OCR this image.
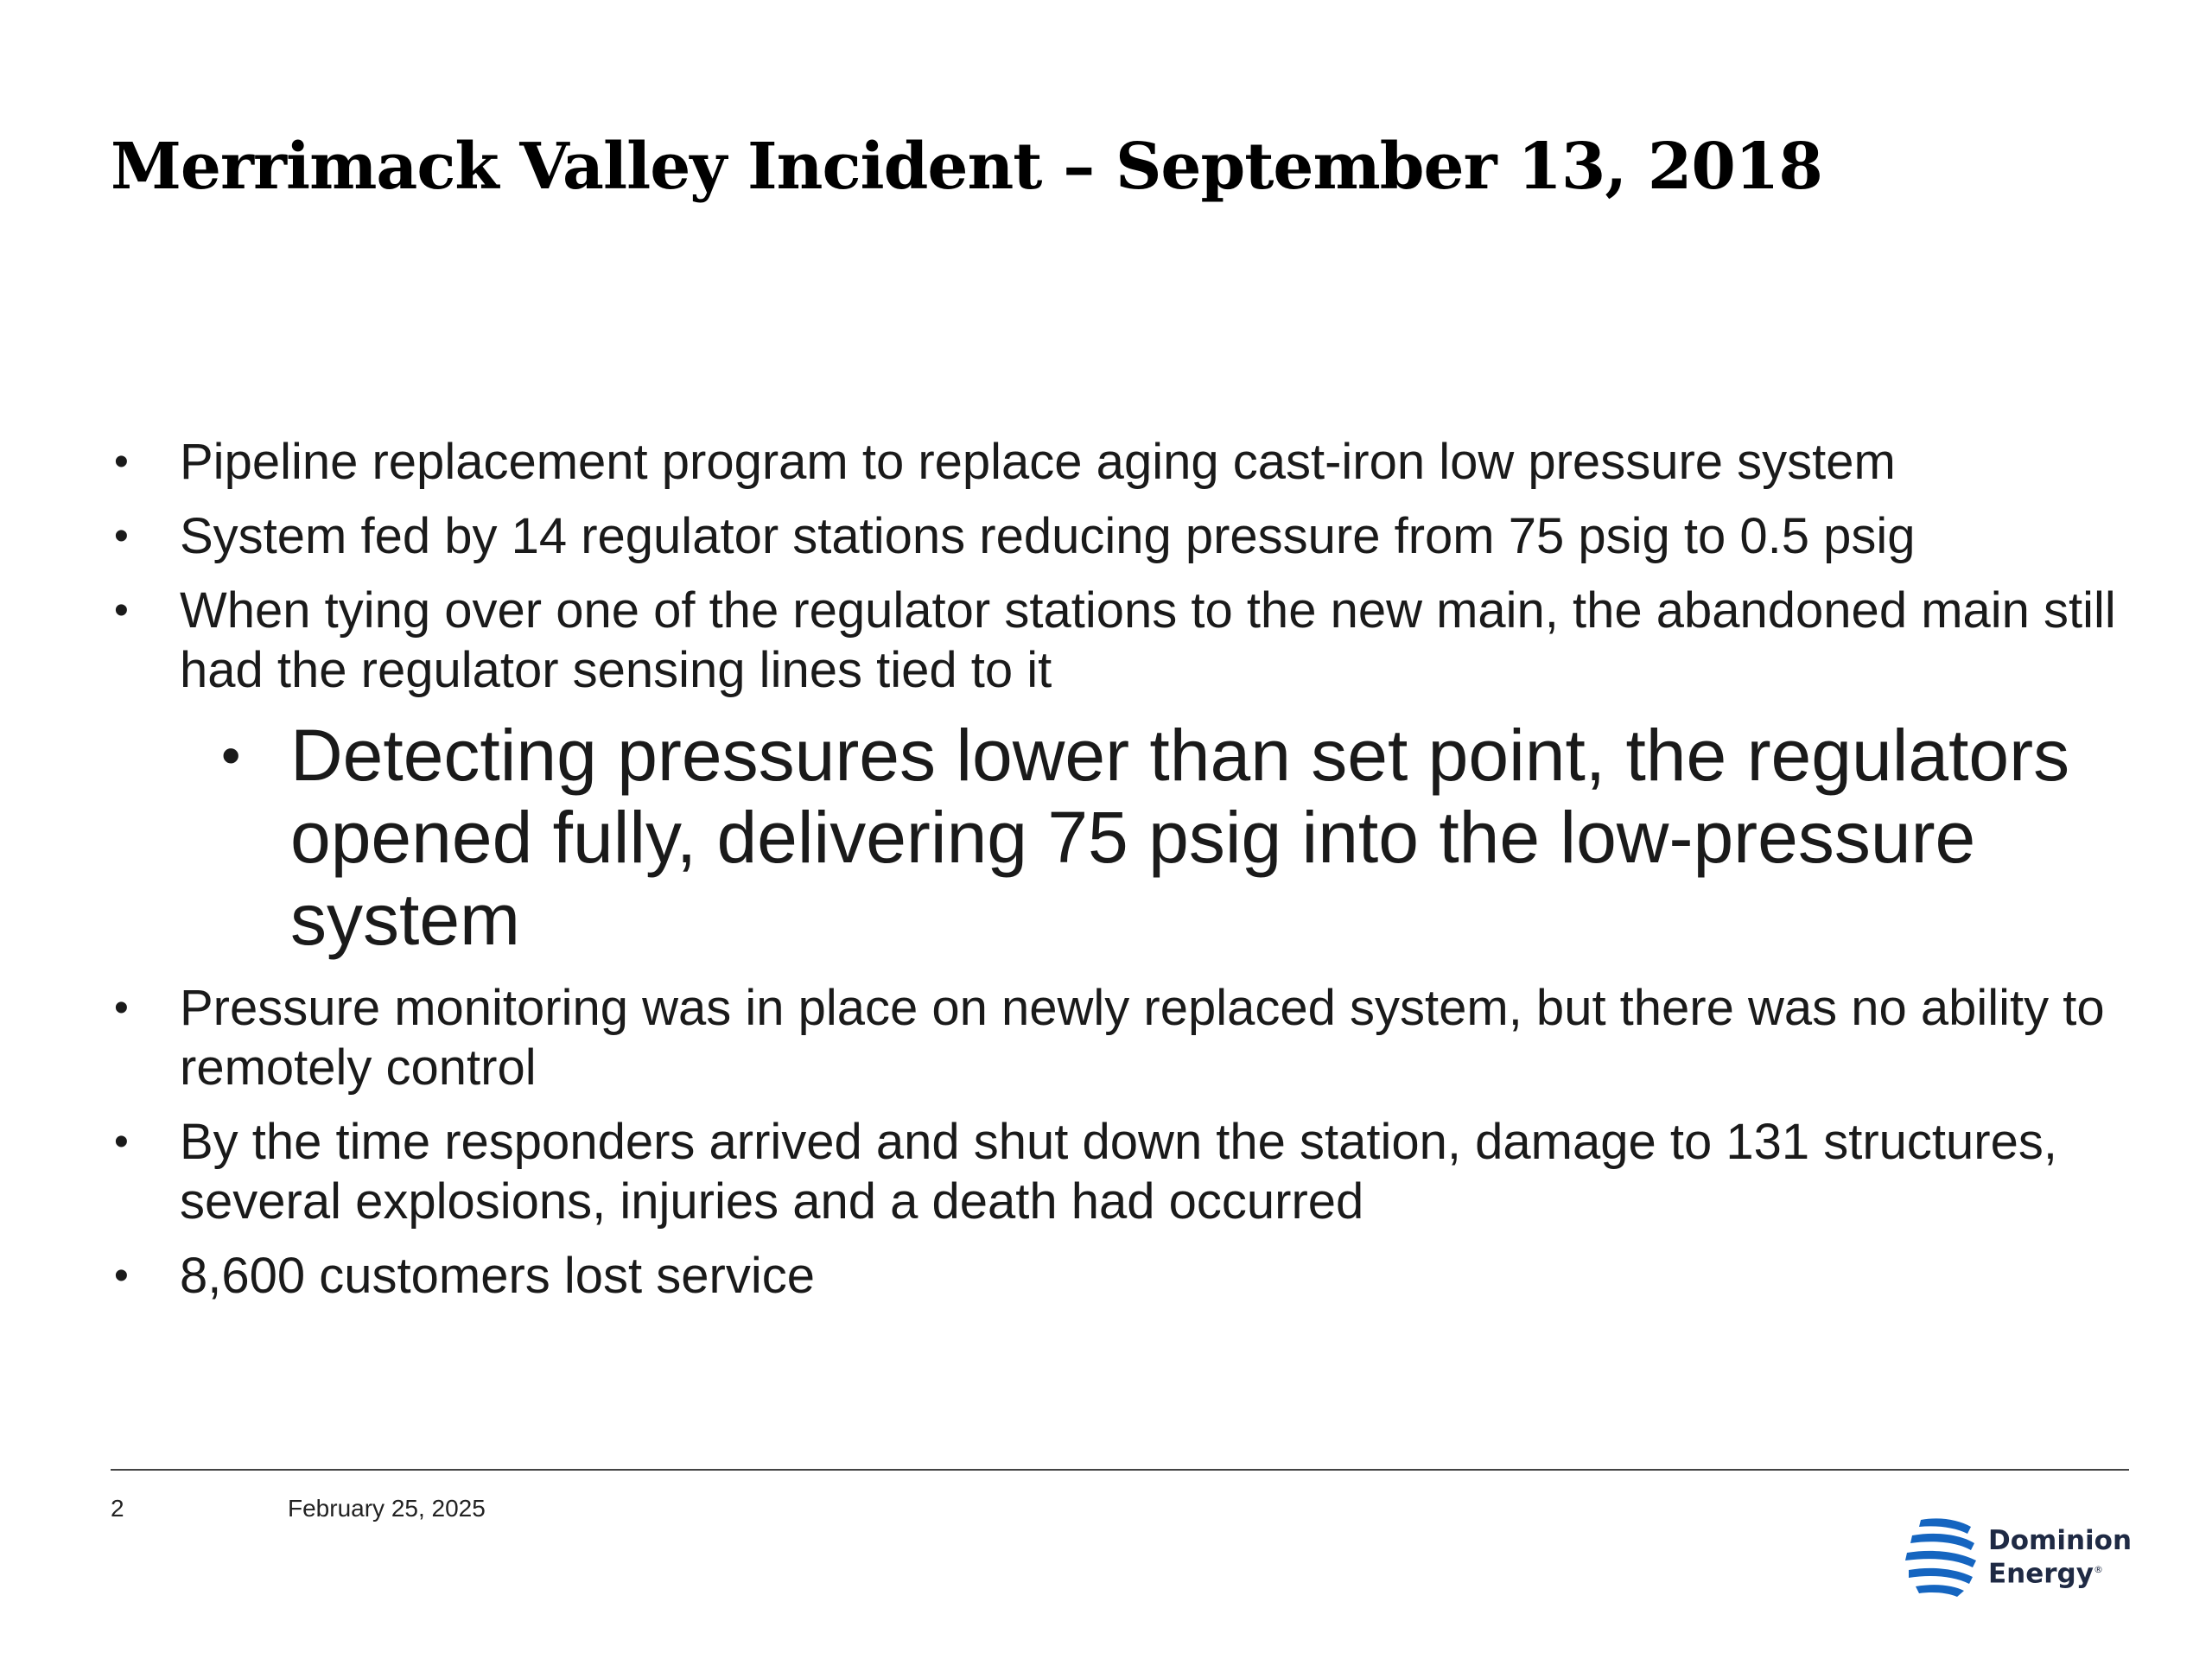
Merrimack Valley Incident – September 13, 2018
• Pipeline replacement program to replace aging cast-iron low pressure system
• System fed by 14 regulator stations reducing pressure from 75 psig to 0.5 psig
• When tying over one of the regulator stations to the new main, the abandoned main still had the regulator sensing lines tied to it
• Detecting pressures lower than set point, the regulators opened fully, delivering 75 psig into the low-pressure system
• Pressure monitoring was in place on newly replaced system, but there was no ability to remotely control
• By the time responders arrived and shut down the station, damage to 131 structures, several explosions, injuries and a death had occurred
• 8,600 customers lost service
2	February 25, 2025
Dominion
Energy®
